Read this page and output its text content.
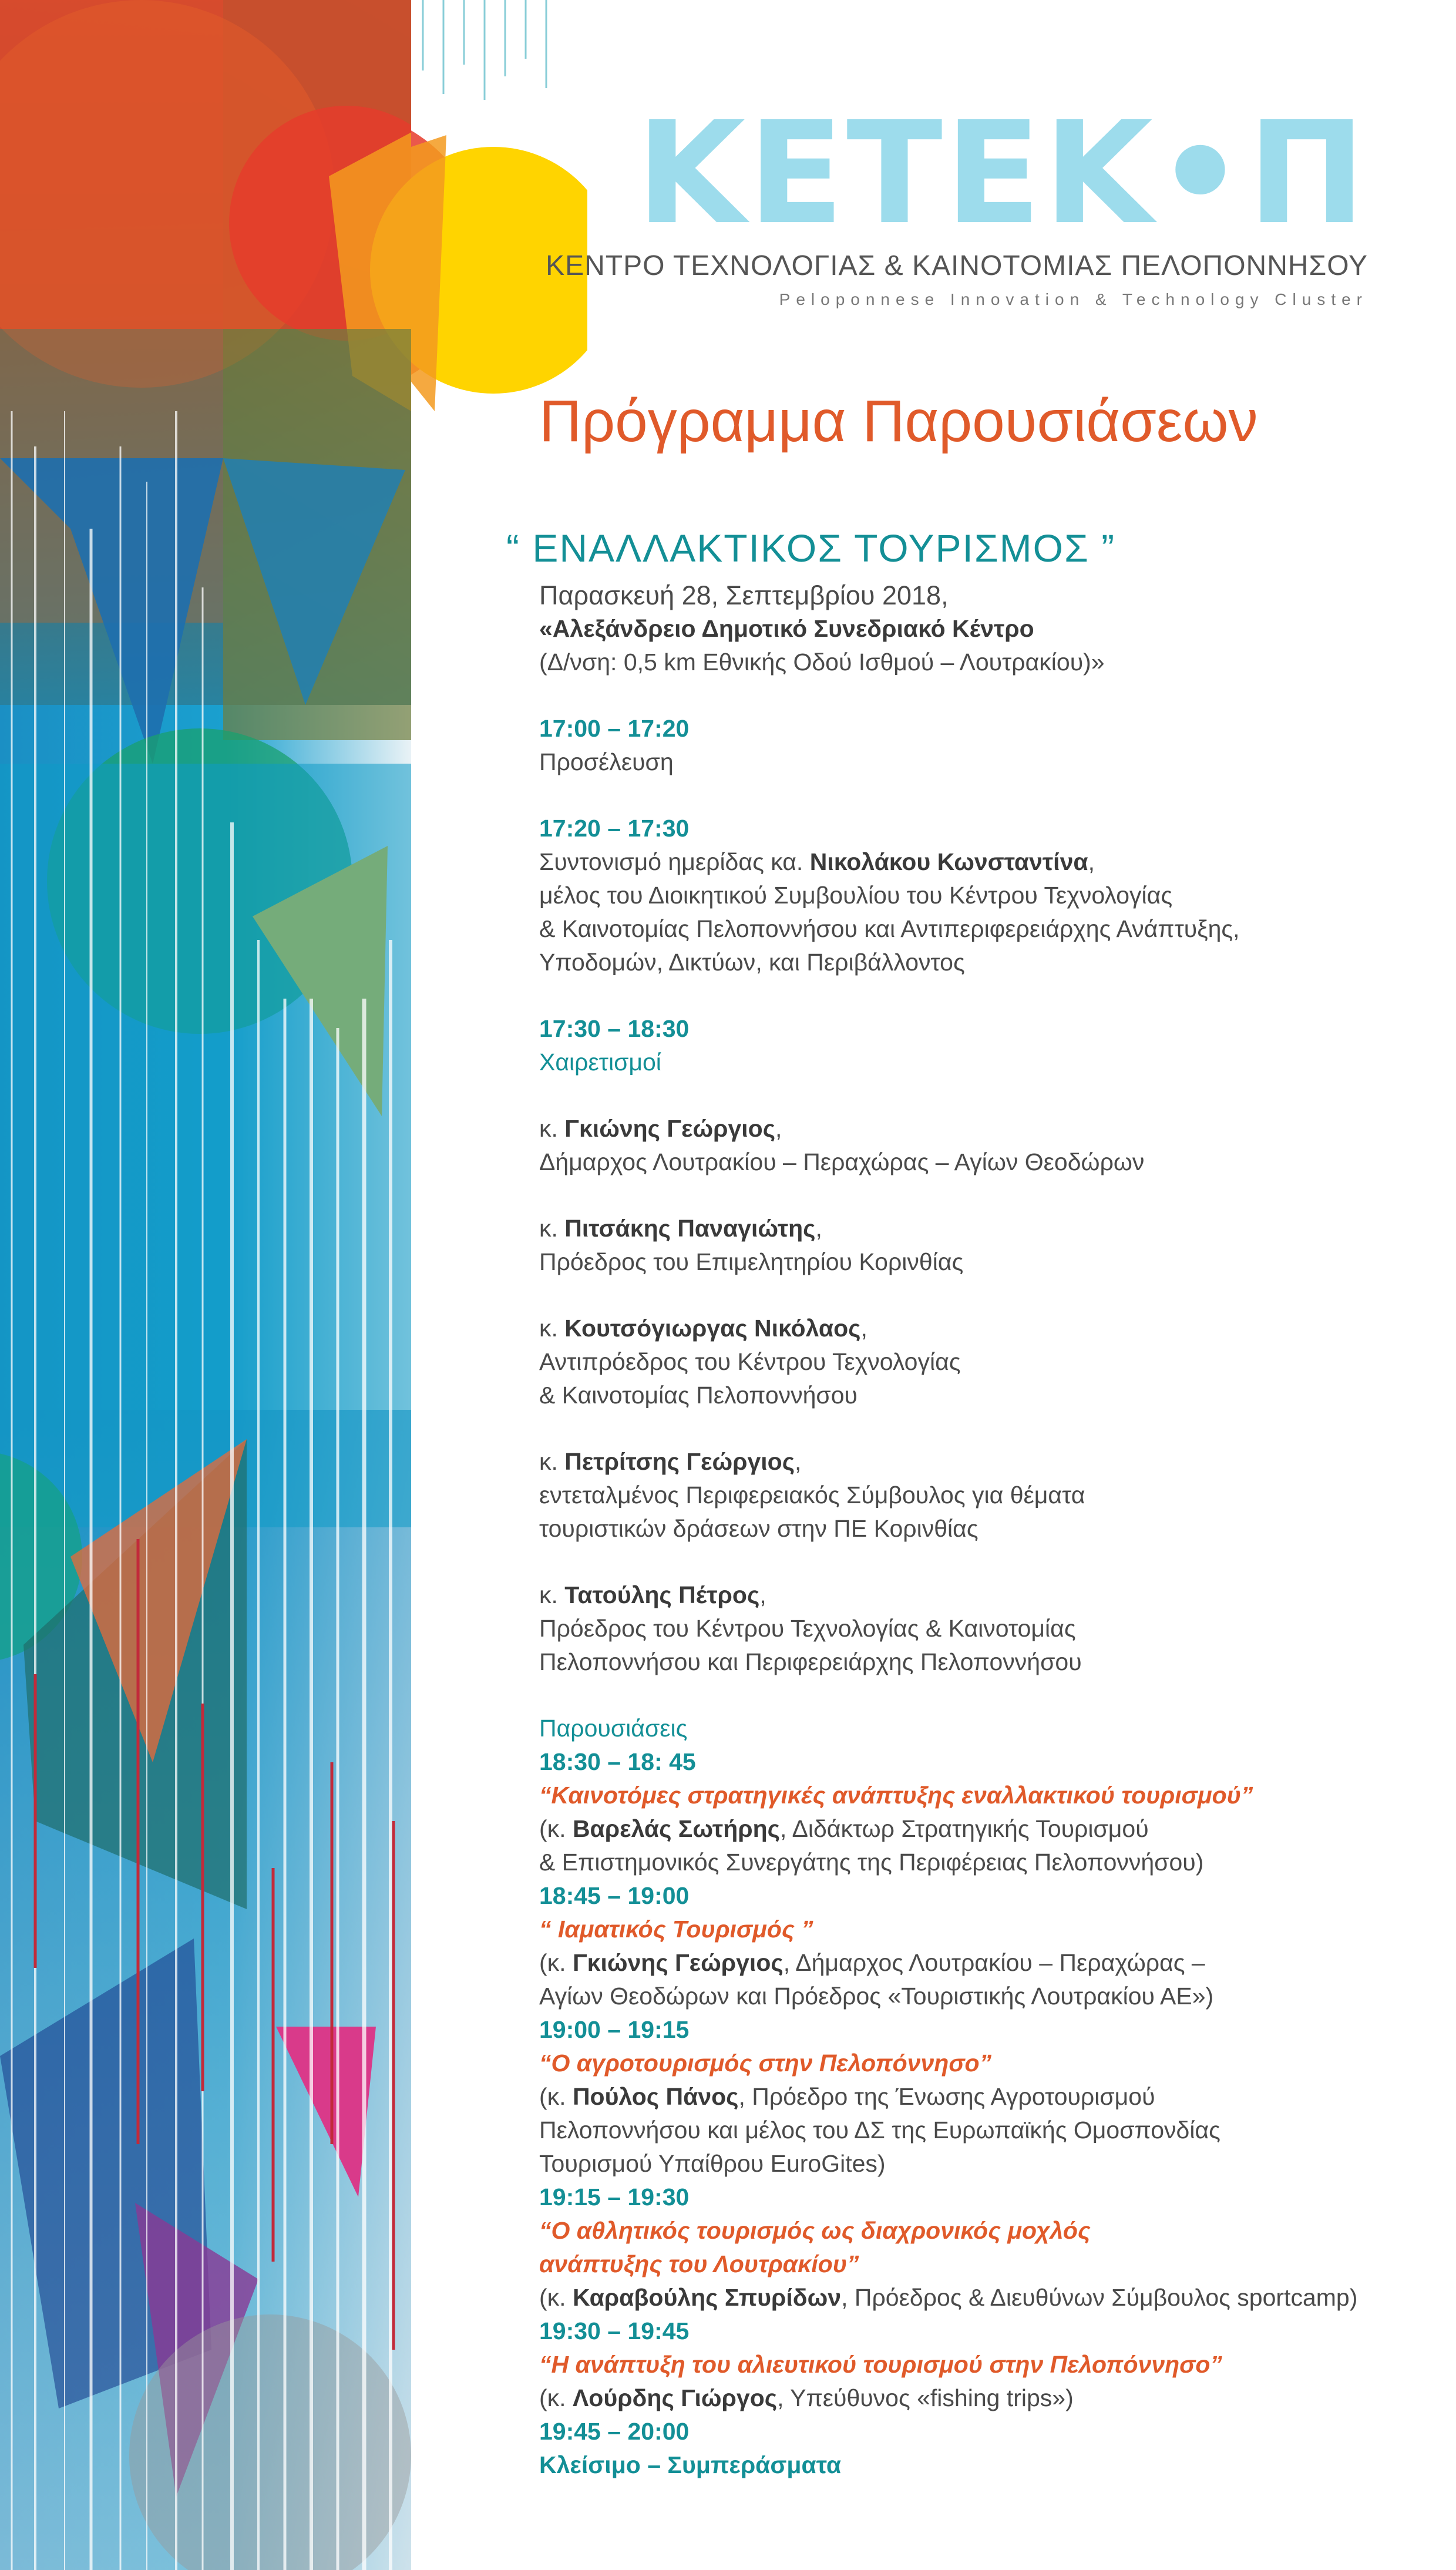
ΚΕΤΕΚ•Π
ΚΕΝΤΡΟ ΤΕΧΝΟΛΟΓΙΑΣ & ΚΑΙΝΟΤΟΜΙΑΣ ΠΕΛΟΠΟΝΝΗΣΟΥ
Peloponnese Innovation & Technology Cluster
Πρόγραμμα Παρουσιάσεων
“ ΕΝΑΛΛΑΚΤΙΚΟΣ ΤΟΥΡΙΣΜΟΣ ”
Παρασκευή 28, Σεπτεμβρίου 2018,
«Αλεξάνδρειο Δημοτικό Συνεδριακό Κέντρο
(Δ/νση: 0,5 km Εθνικής Οδού Ισθμού – Λουτρακίου)»
17:00 – 17:20
Προσέλευση
17:20 – 17:30
Συντονισμό ημερίδας κα. Νικολάκου Κωνσταντίνα,
μέλος του Διοικητικού Συμβουλίου του Κέντρου Τεχνολογίας
& Καινοτομίας Πελοποννήσου και Αντιπεριφερειάρχης Ανάπτυξης,
Υποδομών, Δικτύων, και Περιβάλλοντος
17:30 – 18:30
Χαιρετισμοί
κ. Γκιώνης Γεώργιος,
Δήμαρχος Λουτρακίου – Περαχώρας – Αγίων Θεοδώρων
κ. Πιτσάκης Παναγιώτης,
Πρόεδρος του Επιμελητηρίου Κορινθίας
κ. Κουτσόγιωργας Νικόλαος,
Αντιπρόεδρος του Κέντρου Τεχνολογίας
& Καινοτομίας Πελοποννήσου
κ. Πετρίτσης Γεώργιος,
εντεταλμένος Περιφερειακός Σύμβουλος για θέματα
τουριστικών δράσεων στην ΠΕ Κορινθίας
κ. Τατούλης Πέτρος,
Πρόεδρος του Κέντρου Τεχνολογίας & Καινοτομίας
Πελοποννήσου και Περιφερειάρχης Πελοποννήσου
Παρουσιάσεις
18:30 – 18: 45
“Καινοτόμες στρατηγικές ανάπτυξης εναλλακτικού τουρισμού”
(κ. Βαρελάς Σωτήρης, Διδάκτωρ Στρατηγικής Τουρισμού
& Επιστημονικός Συνεργάτης της Περιφέρειας Πελοποννήσου)
18:45 – 19:00
“ Ιαματικός Τουρισμός ”
(κ. Γκιώνης Γεώργιος, Δήμαρχος Λουτρακίου – Περαχώρας –
Αγίων Θεοδώρων και Πρόεδρος «Τουριστικής Λουτρακίου ΑΕ»)
19:00 – 19:15
“Ο αγροτουρισμός στην Πελοπόννησο”
(κ. Πούλος Πάνος, Πρόεδρο της Ένωσης Αγροτουρισμού
Πελοποννήσου και μέλος του ΔΣ της Ευρωπαϊκής Ομοσπονδίας
Τουρισμού Υπαίθρου EuroGites)
19:15 – 19:30
“Ο αθλητικός τουρισμός ως διαχρονικός μοχλός
ανάπτυξης του Λουτρακίου”
(κ. Καραβούλης Σπυρίδων, Πρόεδρος & Διευθύνων Σύμβουλος sportcamp)
19:30 – 19:45
“Η ανάπτυξη του αλιευτικού τουρισμού στην Πελοπόννησο”
(κ. Λούρδης Γιώργος, Υπεύθυνος «fishing trips»)
19:45 – 20:00
Κλείσιμο – Συμπεράσματα
